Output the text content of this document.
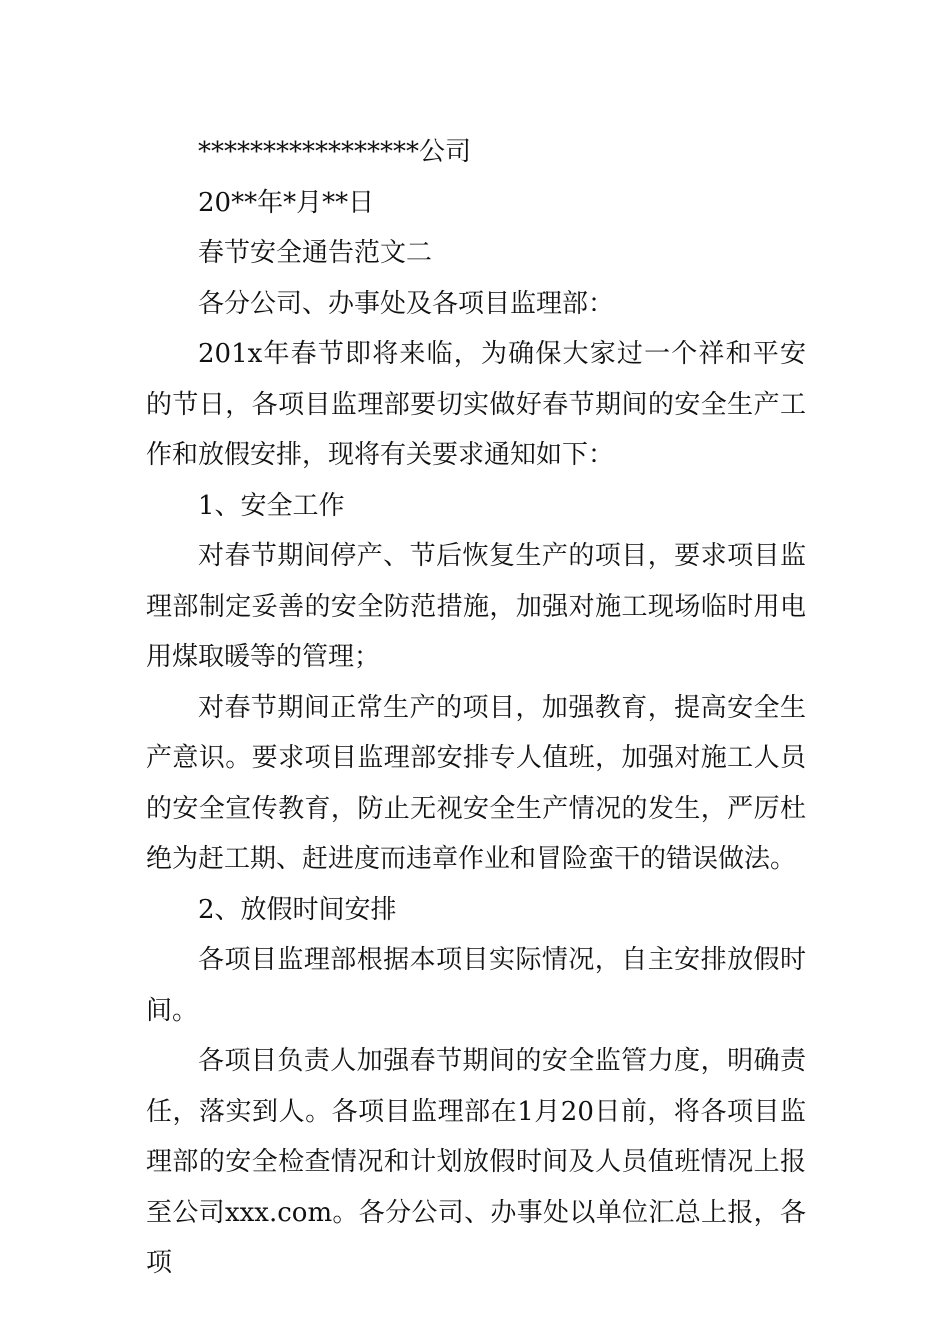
*****************公司

20**年*月**日

春节安全通告范文二

各分公司、办事处及各项目监理部：

201x年春节即将来临，为确保大家过一个祥和平安的节日，各项目监理部要切实做好春节期间的安全生产工作和放假安排，现将有关要求通知如下：

1、安全工作

对春节期间停产、节后恢复生产的项目，要求项目监理部制定妥善的安全防范措施，加强对施工现场临时用电用煤取暖等的管理；

对春节期间正常生产的项目，加强教育，提高安全生产意识。要求项目监理部安排专人值班，加强对施工人员的安全宣传教育，防止无视安全生产情况的发生，严厉杜绝为赶工期、赶进度而违章作业和冒险蛮干的错误做法。

2、放假时间安排

各项目监理部根据本项目实际情况，自主安排放假时间。

各项目负责人加强春节期间的安全监管力度，明确责任，落实到人。各项目监理部在1月20日前，将各项目监理部的安全检查情况和计划放假时间及人员值班情况上报至公司xxx.com。各分公司、办事处以单位汇总上报，各项
